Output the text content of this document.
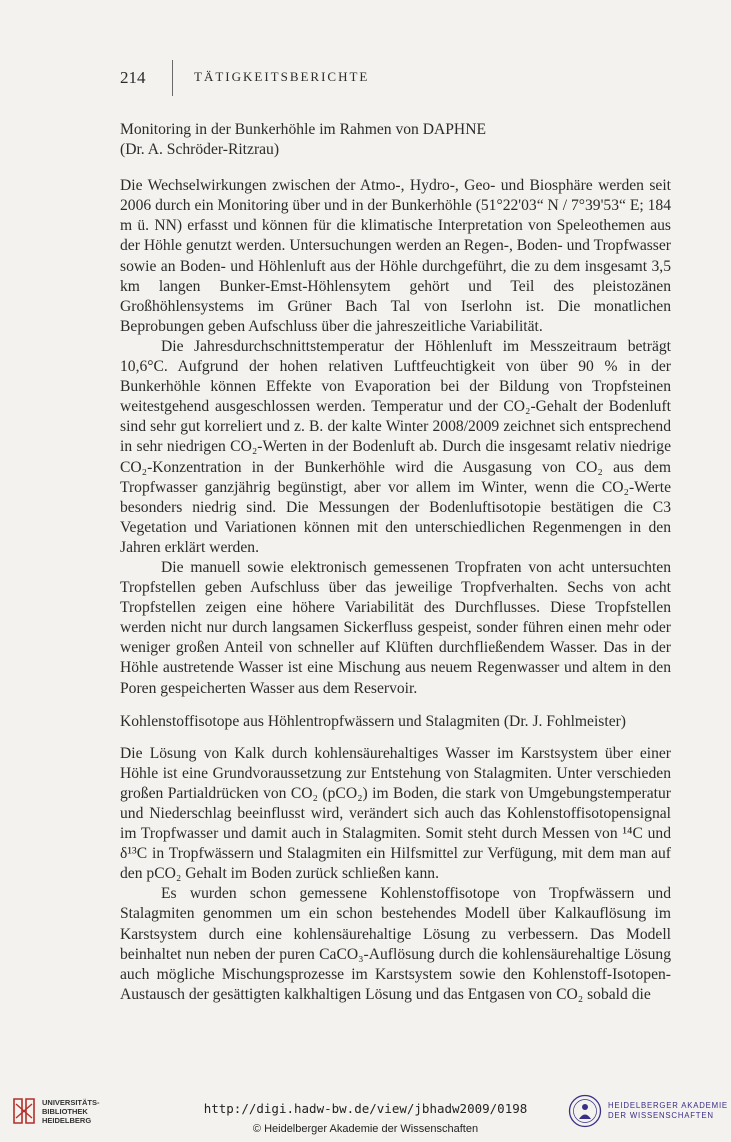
214	TÄTIGKEITSBERICHTE
Monitoring in der Bunkerhöhle im Rahmen von DAPHNE
(Dr. A. Schröder-Ritzrau)

Die Wechselwirkungen zwischen der Atmo-, Hydro-, Geo- und Biosphäre werden seit 2006 durch ein Monitoring über und in der Bunkerhöhle (51°22'03“ N / 7°39'53“ E; 184 m ü. NN) erfasst und können für die klimatische Interpretation von Speleothemen aus der Höhle genutzt werden. Untersuchungen werden an Regen-, Boden- und Tropfwasser sowie an Boden- und Höhlenluft aus der Höhle durchgeführt, die zu dem insgesamt 3,5 km langen Bunker-Emst-Höhlensytem gehört und Teil des pleistozänen Großhöhlensystems im Grüner Bach Tal von Iserlohn ist. Die monatlichen Beprobungen geben Aufschluss über die jahreszeitliche Variabilität.

Die Jahresdurchschnittstemperatur der Höhlenluft im Messzeitraum beträgt 10,6°C. Aufgrund der hohen relativen Luftfeuchtigkeit von über 90 % in der Bunkerhöhle können Effekte von Evaporation bei der Bildung von Tropfsteinen weitestgehend ausgeschlossen werden. Temperatur und der CO₂-Gehalt der Bodenluft sind sehr gut korreliert und z. B. der kalte Winter 2008/2009 zeichnet sich entsprechend in sehr niedrigen CO₂-Werten in der Bodenluft ab. Durch die insgesamt relativ niedrige CO₂-Konzentration in der Bunkerhöhle wird die Ausgasung von CO₂ aus dem Tropfwasser ganzjährig begünstigt, aber vor allem im Winter, wenn die CO₂-Werte besonders niedrig sind. Die Messungen der Bodenluftisotopie bestätigen die C3 Vegetation und Variationen können mit den unterschiedlichen Regenmengen in den Jahren erklärt werden.

Die manuell sowie elektronisch gemessenen Tropfraten von acht untersuchten Tropfstellen geben Aufschluss über das jeweilige Tropfverhalten. Sechs von acht Tropfstellen zeigen eine höhere Variabilität des Durchflusses. Diese Tropfstellen werden nicht nur durch langsamen Sickerfluss gespeist, sonder führen einen mehr oder weniger großen Anteil von schneller auf Klüften durchfließendem Wasser. Das in der Höhle austretende Wasser ist eine Mischung aus neuem Regenwasser und altem in den Poren gespeicherten Wasser aus dem Reservoir.

Kohlenstoffisotope aus Höhlentropfwässern und Stalagmiten (Dr. J. Fohlmeister)

Die Lösung von Kalk durch kohlensäurehaltiges Wasser im Karstsystem über einer Höhle ist eine Grundvoraussetzung zur Entstehung von Stalagmiten. Unter verschieden großen Partialdrücken von CO₂ (pCO₂) im Boden, die stark von Umgebungstemperatur und Niederschlag beeinflusst wird, verändert sich auch das Kohlenstoffisotopensignal im Tropfwasser und damit auch in Stalagmiten. Somit steht durch Messen von ¹⁴C und δ¹³C in Tropfwässern und Stalagmiten ein Hilfsmittel zur Verfügung, mit dem man auf den pCO₂ Gehalt im Boden zurück schließen kann.

Es wurden schon gemessene Kohlenstoffisotope von Tropfwässern und Stalagmiten genommen um ein schon bestehendes Modell über Kalkauflösung im Karstsystem durch eine kohlensäurehaltige Lösung zu verbessern. Das Modell beinhaltet nun neben der puren CaCO₃-Auflösung durch die kohlensäurehaltige Lösung auch mögliche Mischungsprozesse im Karstsystem sowie den Kohlenstoff-Isotopen-Austausch der gesättigten kalkhaltigen Lösung und das Entgasen von CO₂ sobald die

UNIVERSITÄTS-
BIBLIOTHEK
HEIDELBERG
http://digi.hadw-bw.de/view/jbhadw2009/0198
© Heidelberger Akademie der Wissenschaften
HEIDELBERGER AKADEMIE
DER WISSENSCHAFTEN
